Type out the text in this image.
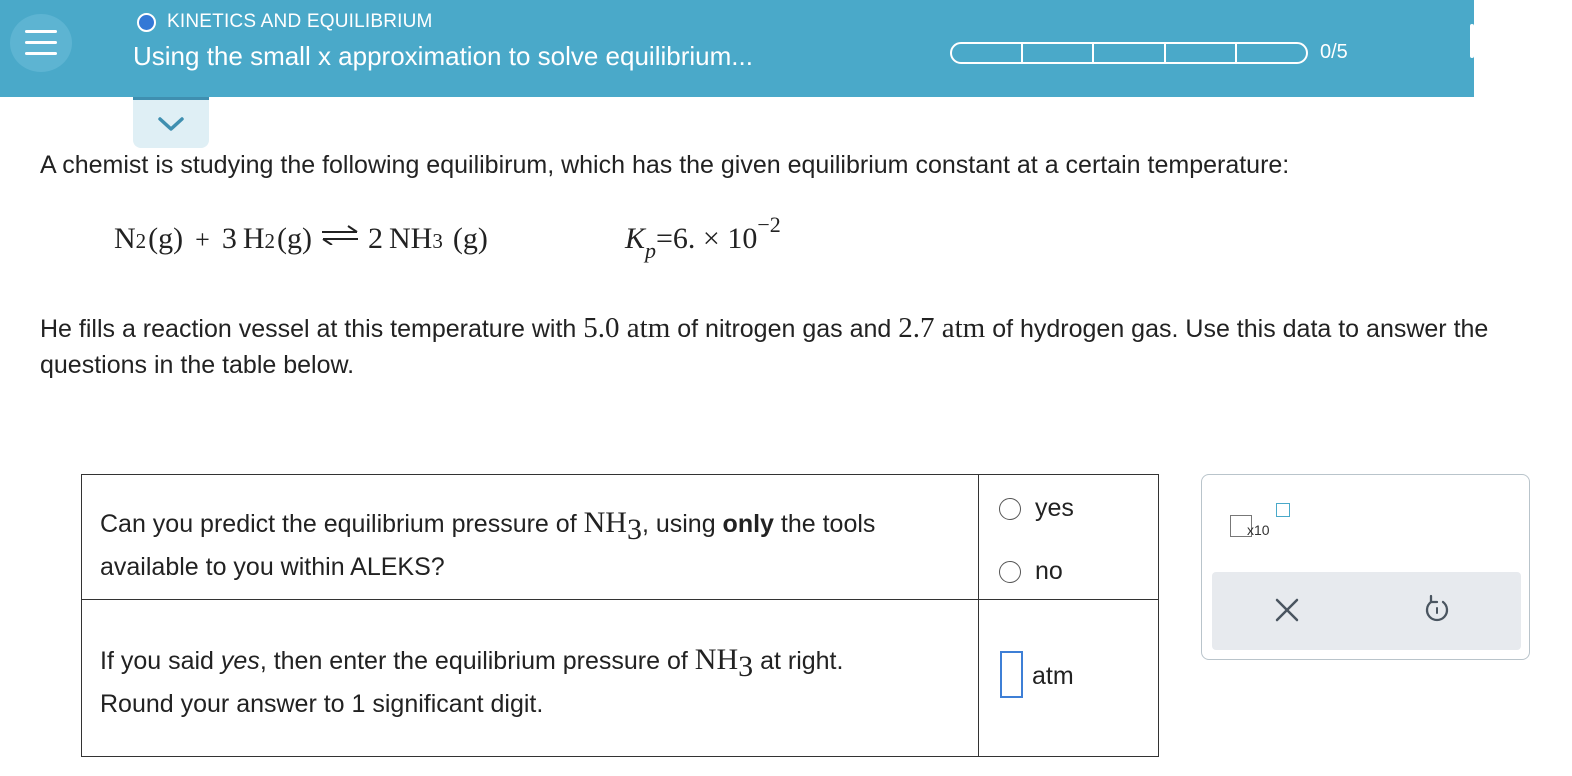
KINETICS AND EQUILIBRIUM
Using the small x approximation to solve equilibrium...	0/5
A chemist is studying the following equilibirum, which has the given equilibrium constant at a certain temperature:
N 2 (g) + 3 H 2 (g) ⇌ 2 NH 3 (g)	$K_p=6$. × $10^{-2}$
He fills a reaction vessel at this temperature with 5.0 atm of nitrogen gas and 2.7 atm of hydrogen gas. Use this data to answer the questions in the table below.
Can you predict the equilibrium pressure of $NH_3$, using only the tools available to you within ALEKS?
yes
no
If you said yes, then enter the equilibrium pressure of $NH_3$ at right.
Round your answer to 1 significant digit.
atm
x10
